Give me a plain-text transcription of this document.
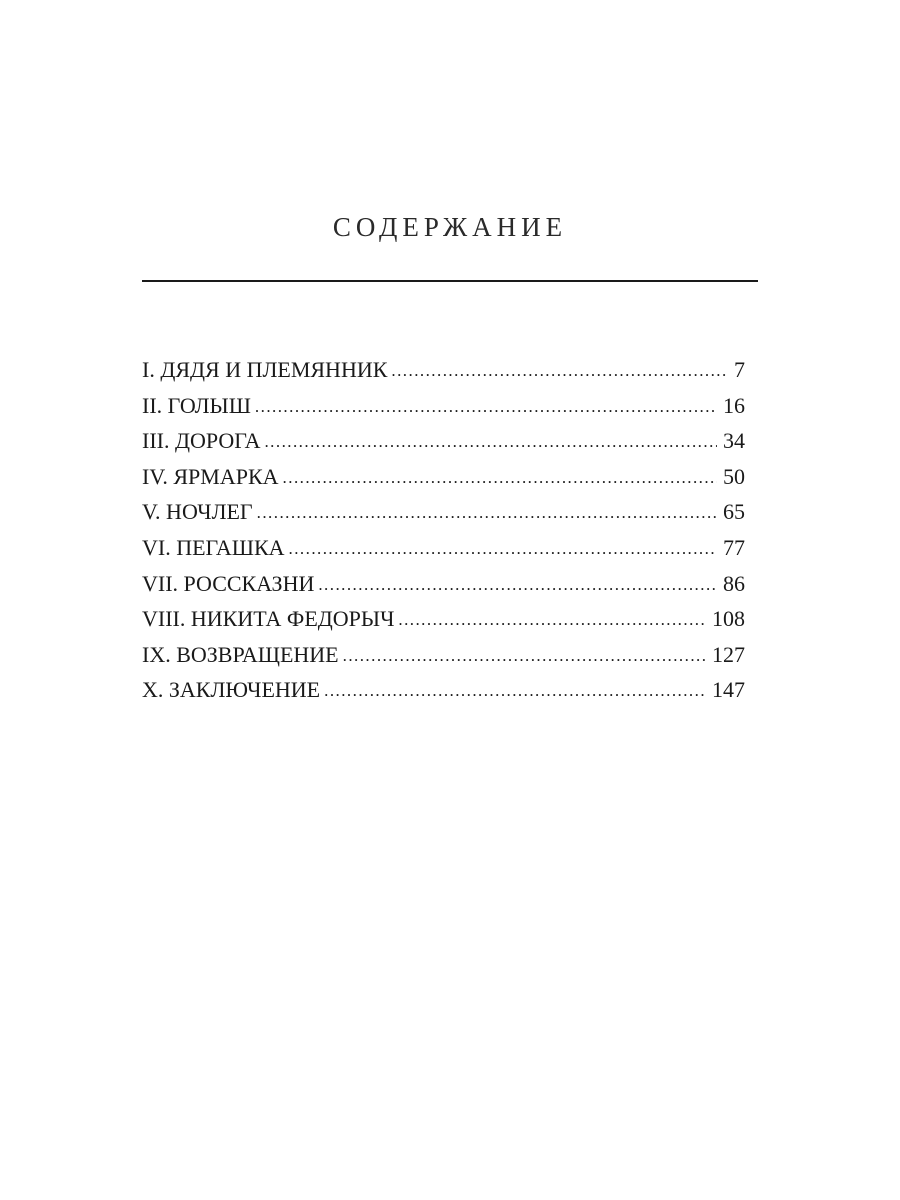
СОДЕРЖАНИЕ
I. ДЯДЯ И ПЛЕМЯННИК . . .	7
II. ГОЛЫШ . . .	16
III. ДОРОГА . . .	34
IV. ЯРМАРКА . . .	50
V. НОЧЛЕГ . . .	65
VI. ПЕГАШКА . . .	77
VII. РОССКАЗНИ . . .	86
VIII. НИКИТА ФЕДОРЫЧ . . .	108
IX. ВОЗВРАЩЕНИЕ . . .	127
X. ЗАКЛЮЧЕНИЕ . . .	147
